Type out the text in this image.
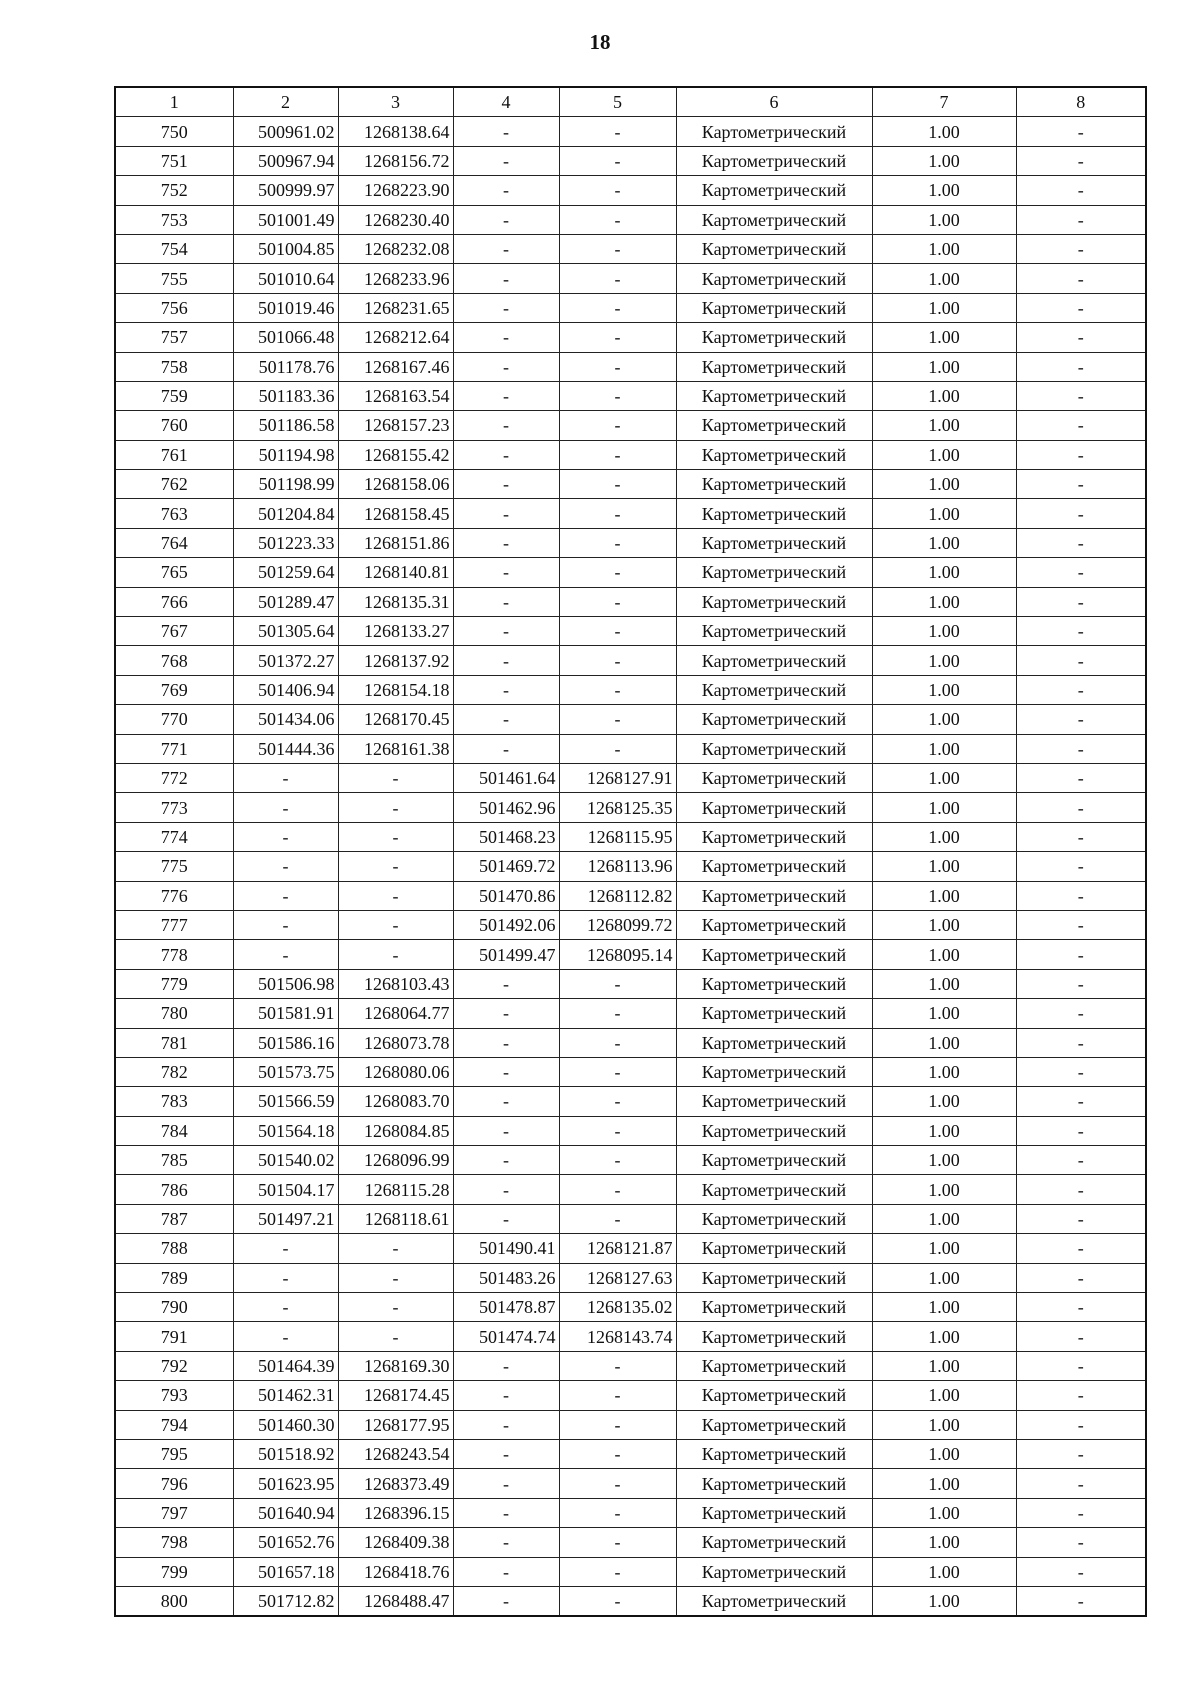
18
1	2	3	4	5	6	7	8
750	500961.02	1268138.64	-	-	Картометрический	1.00	-
751	500967.94	1268156.72	-	-	Картометрический	1.00	-
752	500999.97	1268223.90	-	-	Картометрический	1.00	-
753	501001.49	1268230.40	-	-	Картометрический	1.00	-
754	501004.85	1268232.08	-	-	Картометрический	1.00	-
755	501010.64	1268233.96	-	-	Картометрический	1.00	-
756	501019.46	1268231.65	-	-	Картометрический	1.00	-
757	501066.48	1268212.64	-	-	Картометрический	1.00	-
758	501178.76	1268167.46	-	-	Картометрический	1.00	-
759	501183.36	1268163.54	-	-	Картометрический	1.00	-
760	501186.58	1268157.23	-	-	Картометрический	1.00	-
761	501194.98	1268155.42	-	-	Картометрический	1.00	-
762	501198.99	1268158.06	-	-	Картометрический	1.00	-
763	501204.84	1268158.45	-	-	Картометрический	1.00	-
764	501223.33	1268151.86	-	-	Картометрический	1.00	-
765	501259.64	1268140.81	-	-	Картометрический	1.00	-
766	501289.47	1268135.31	-	-	Картометрический	1.00	-
767	501305.64	1268133.27	-	-	Картометрический	1.00	-
768	501372.27	1268137.92	-	-	Картометрический	1.00	-
769	501406.94	1268154.18	-	-	Картометрический	1.00	-
770	501434.06	1268170.45	-	-	Картометрический	1.00	-
771	501444.36	1268161.38	-	-	Картометрический	1.00	-
772	-	-	501461.64	1268127.91	Картометрический	1.00	-
773	-	-	501462.96	1268125.35	Картометрический	1.00	-
774	-	-	501468.23	1268115.95	Картометрический	1.00	-
775	-	-	501469.72	1268113.96	Картометрический	1.00	-
776	-	-	501470.86	1268112.82	Картометрический	1.00	-
777	-	-	501492.06	1268099.72	Картометрический	1.00	-
778	-	-	501499.47	1268095.14	Картометрический	1.00	-
779	501506.98	1268103.43	-	-	Картометрический	1.00	-
780	501581.91	1268064.77	-	-	Картометрический	1.00	-
781	501586.16	1268073.78	-	-	Картометрический	1.00	-
782	501573.75	1268080.06	-	-	Картометрический	1.00	-
783	501566.59	1268083.70	-	-	Картометрический	1.00	-
784	501564.18	1268084.85	-	-	Картометрический	1.00	-
785	501540.02	1268096.99	-	-	Картометрический	1.00	-
786	501504.17	1268115.28	-	-	Картометрический	1.00	-
787	501497.21	1268118.61	-	-	Картометрический	1.00	-
788	-	-	501490.41	1268121.87	Картометрический	1.00	-
789	-	-	501483.26	1268127.63	Картометрический	1.00	-
790	-	-	501478.87	1268135.02	Картометрический	1.00	-
791	-	-	501474.74	1268143.74	Картометрический	1.00	-
792	501464.39	1268169.30	-	-	Картометрический	1.00	-
793	501462.31	1268174.45	-	-	Картометрический	1.00	-
794	501460.30	1268177.95	-	-	Картометрический	1.00	-
795	501518.92	1268243.54	-	-	Картометрический	1.00	-
796	501623.95	1268373.49	-	-	Картометрический	1.00	-
797	501640.94	1268396.15	-	-	Картометрический	1.00	-
798	501652.76	1268409.38	-	-	Картометрический	1.00	-
799	501657.18	1268418.76	-	-	Картометрический	1.00	-
800	501712.82	1268488.47	-	-	Картометрический	1.00	-
